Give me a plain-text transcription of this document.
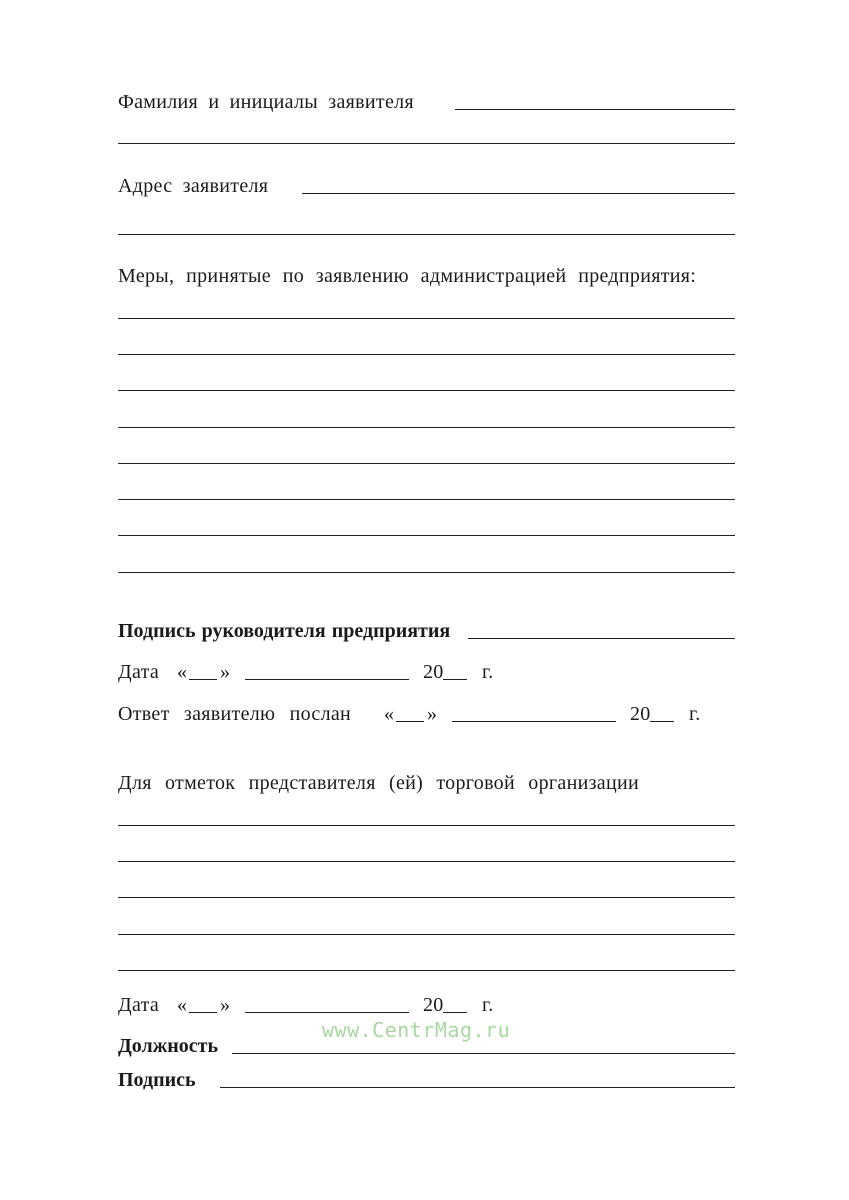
Фамилия и инициалы заявителя
Адрес заявителя
Меры, принятые по заявлению администрацией предприятия:
Подпись руководителя предприятия
Дата « »	20 г.
Ответ заявителю послан « »	20 г.
Для отметок представителя (ей) торговой организации
Дата « »	20 г.
www.CentrMag.ru
Должность
Подпись
